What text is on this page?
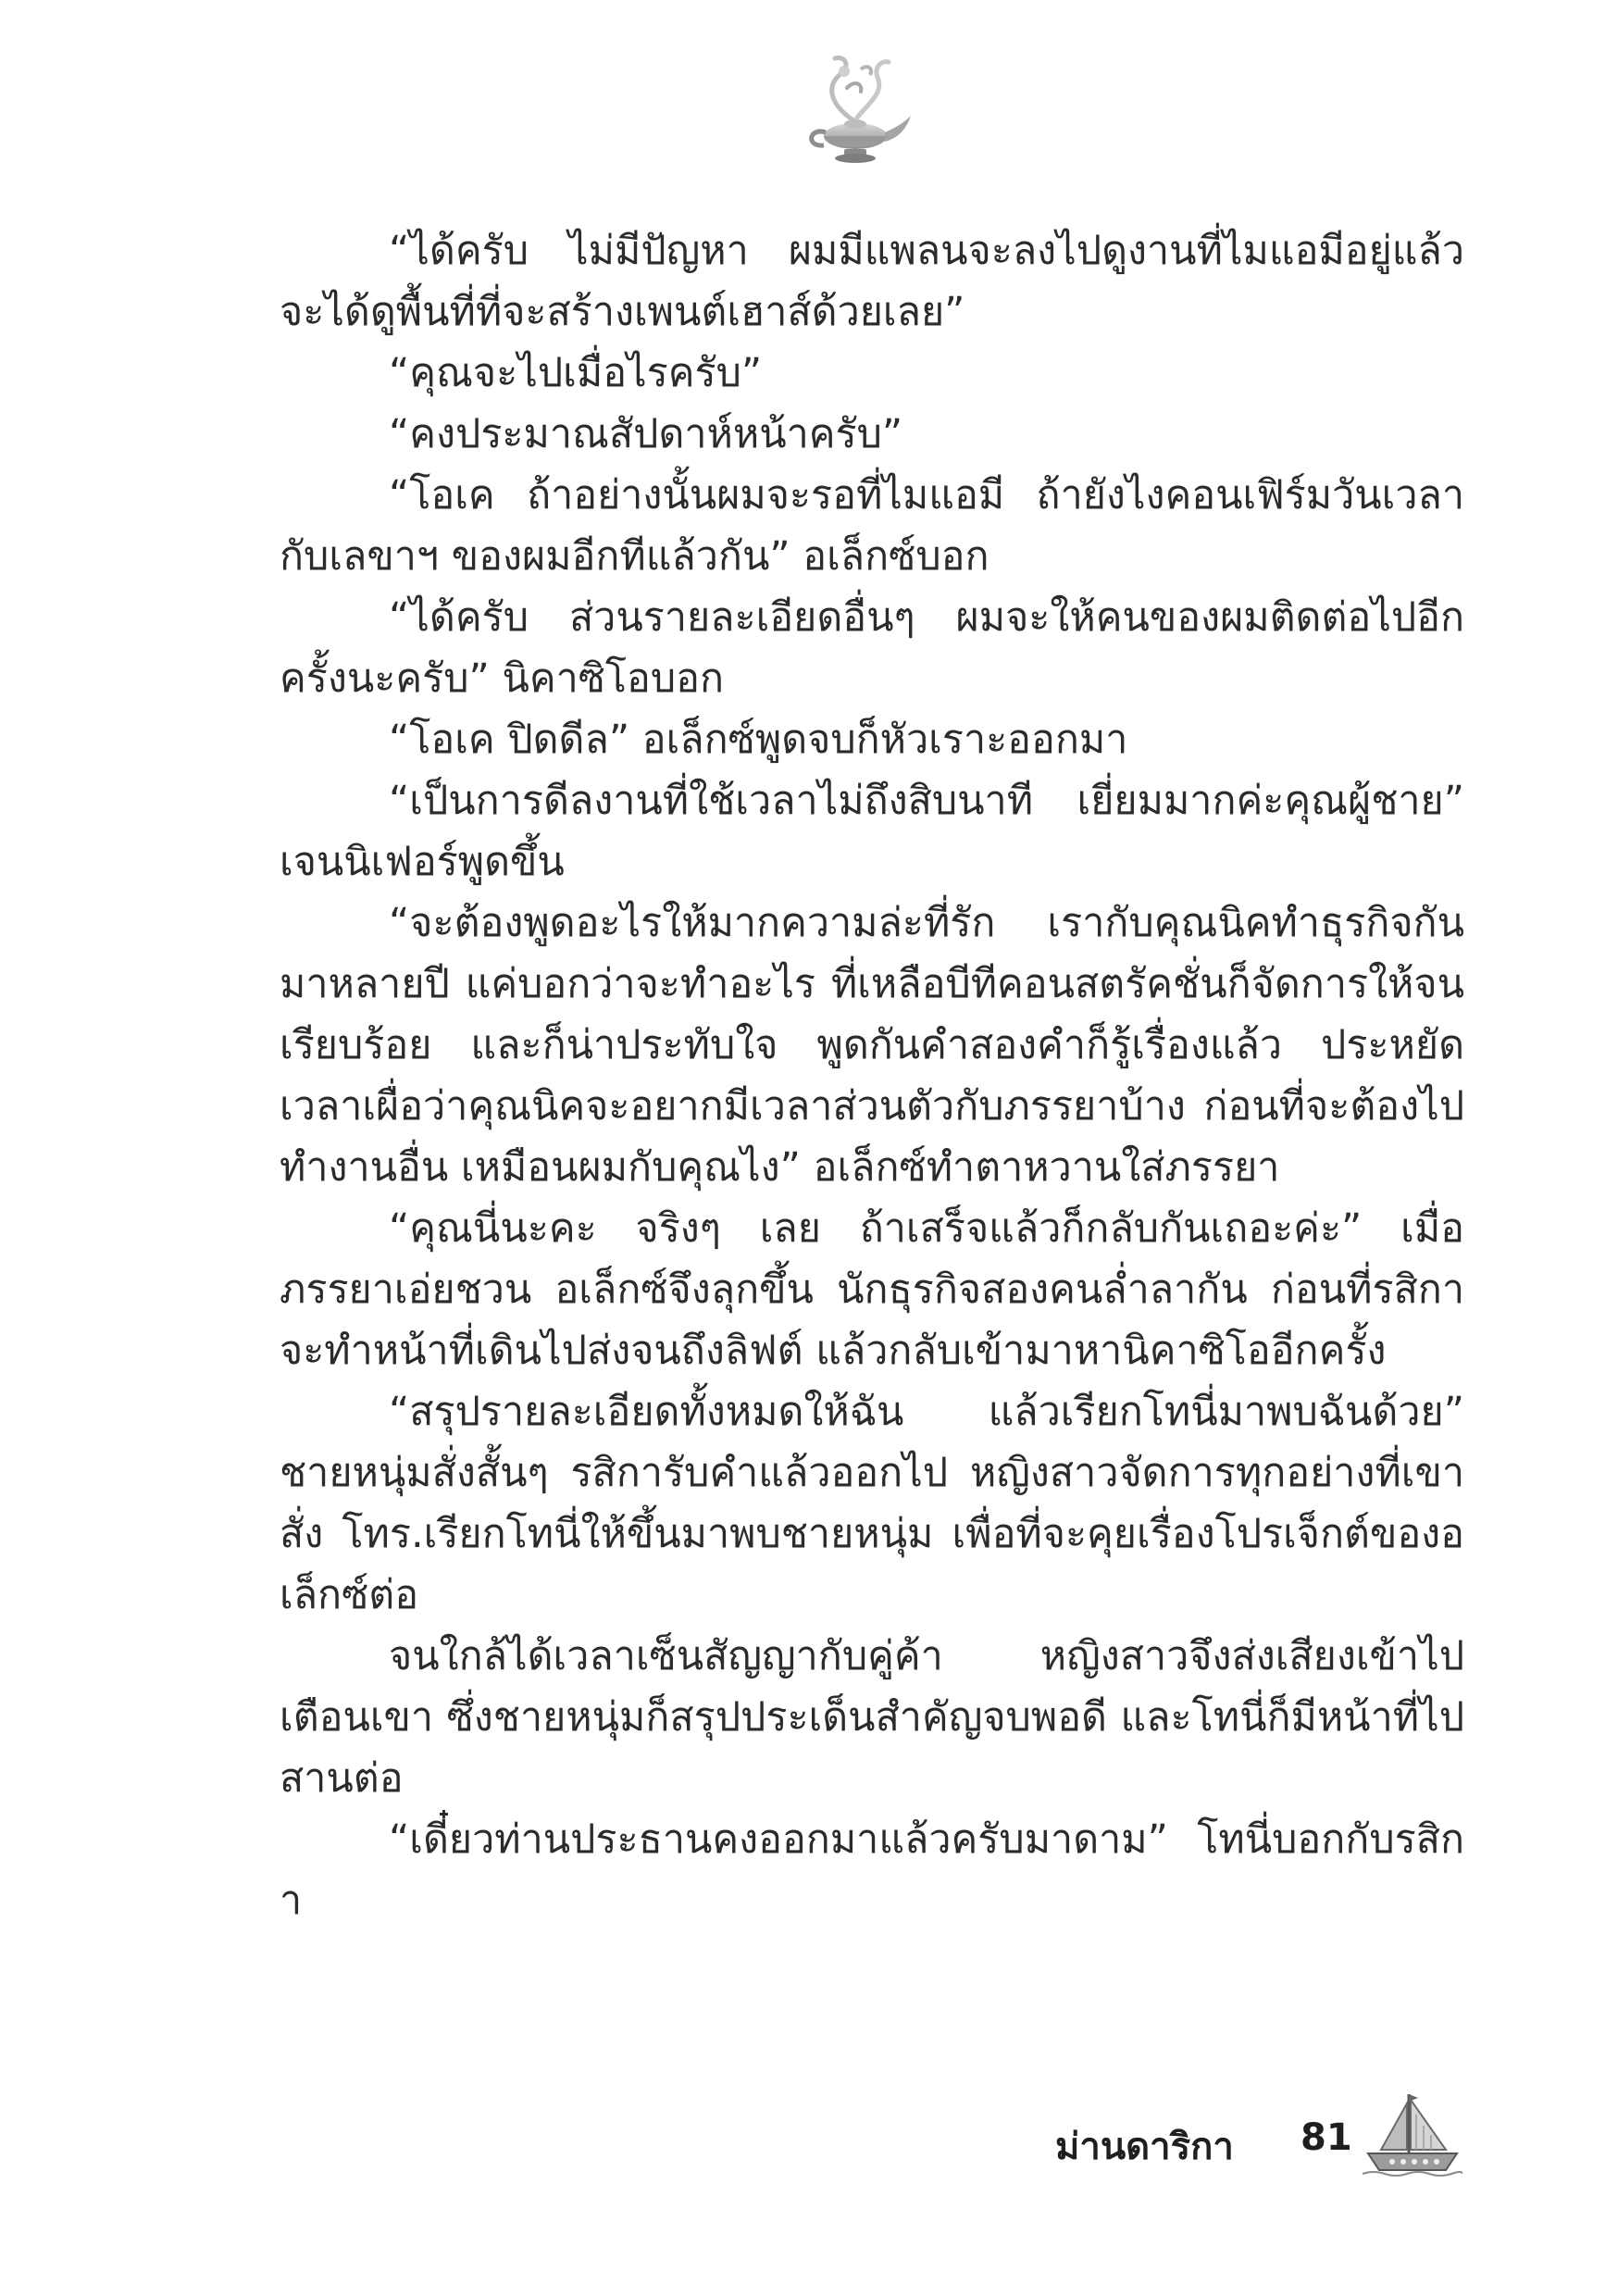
“ได้ครับ ไม่มีปัญหา ผมมีแพลนจะลงไปดูงานที่ไมแอมีอยู่แล้ว จะได้ดูพื้นที่ที่จะสร้างเพนต์เฮาส์ด้วยเลย”

“คุณจะไปเมื่อไรครับ”

“คงประมาณสัปดาห์หน้าครับ”

“โอเค ถ้าอย่างนั้นผมจะรอที่ไมแอมี ถ้ายังไงคอนเฟิร์มวันเวลากับเลขาฯ ของผมอีกทีแล้วกัน” อเล็กซ์บอก

“ได้ครับ ส่วนรายละเอียดอื่นๆ ผมจะให้คนของผมติดต่อไปอีกครั้งนะครับ” นิคาซิโอบอก

“โอเค ปิดดีล” อเล็กซ์พูดจบก็หัวเราะออกมา

“เป็นการดีลงานที่ใช้เวลาไม่ถึงสิบนาที เยี่ยมมากค่ะคุณผู้ชาย” เจนนิเฟอร์พูดขึ้น

“จะต้องพูดอะไรให้มากความล่ะที่รัก เรากับคุณนิคทำธุรกิจกันมาหลายปี แค่บอกว่าจะทำอะไร ที่เหลือบีทีคอนสตรัคชั่นก็จัดการให้จนเรียบร้อย และก็น่าประทับใจ พูดกันคำสองคำก็รู้เรื่องแล้ว ประหยัดเวลาเผื่อว่าคุณนิคจะอยากมีเวลาส่วนตัวกับภรรยาบ้าง ก่อนที่จะต้องไปทำงานอื่น เหมือนผมกับคุณไง” อเล็กซ์ทำตาหวานใส่ภรรยา

“คุณนี่นะคะ จริงๆ เลย ถ้าเสร็จแล้วก็กลับกันเถอะค่ะ” เมื่อภรรยาเอ่ยชวน อเล็กซ์จึงลุกขึ้น นักธุรกิจสองคนล่ำลากัน ก่อนที่รสิกาจะทำหน้าที่เดินไปส่งจนถึงลิฟต์ แล้วกลับเข้ามาหานิคาซิโออีกครั้ง

“สรุปรายละเอียดทั้งหมดให้ฉัน แล้วเรียกโทนี่มาพบฉันด้วย” ชายหนุ่มสั่งสั้นๆ รสิการับคำแล้วออกไป หญิงสาวจัดการทุกอย่างที่เขาสั่ง โทร.เรียกโทนี่ให้ขึ้นมาพบชายหนุ่ม เพื่อที่จะคุยเรื่องโปรเจ็กต์ของอเล็กซ์ต่อ

จนใกล้ได้เวลาเซ็นสัญญากับคู่ค้า หญิงสาวจึงส่งเสียงเข้าไปเตือนเขา ซึ่งชายหนุ่มก็สรุปประเด็นสำคัญจบพอดี และโทนี่ก็มีหน้าที่ไปสานต่อ

“เดี๋ยวท่านประธานคงออกมาแล้วครับมาดาม” โทนี่บอกกับรสิกา

ม่านดาริกา 81
